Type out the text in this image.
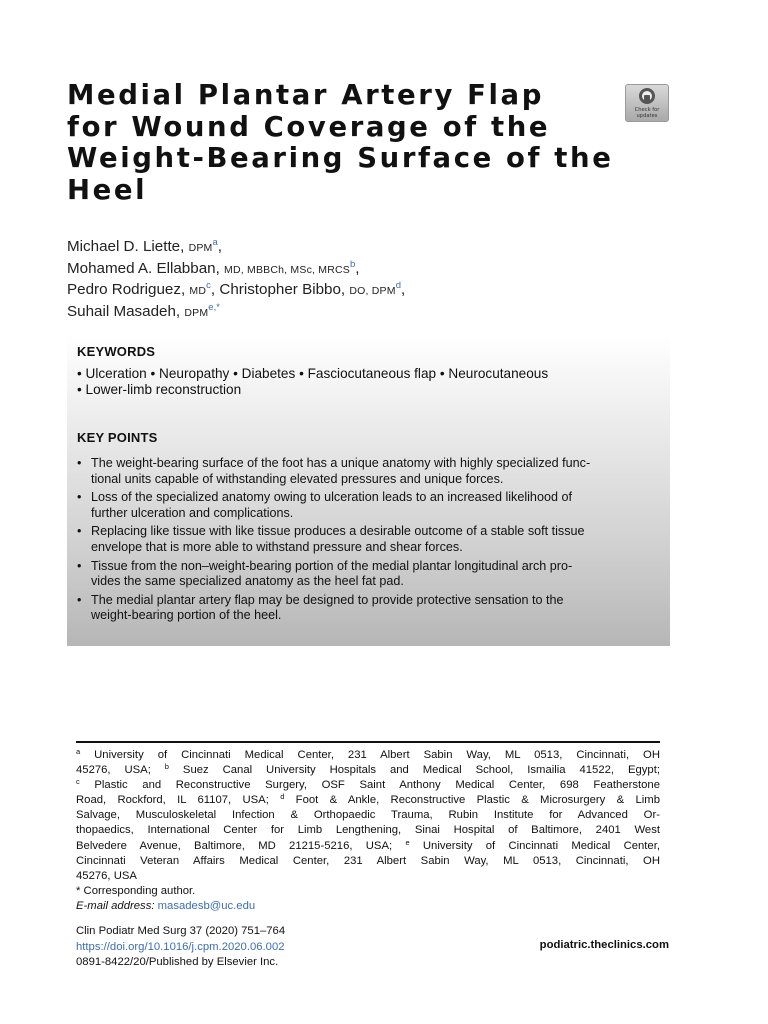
Medial Plantar Artery Flap
for Wound Coverage of the
Weight-Bearing Surface of the
Heel
Check for
updates
Michael D. Liette, DPM$^a$,
Mohamed A. Ellabban, MD, MBBCh, MSc, MRCS$^b$,
Pedro Rodriguez, $MD^c$, Christopher Bibbo, DO, DPM$^d$,
Suhail Masadeh, $DPM^{e,*}$
KEYWORDS
• Ulceration • Neuropathy • Diabetes • Fasciocutaneous flap • Neurocutaneous
• Lower-limb reconstruction
KEY POINTS
• The weight-bearing surface of the foot has a unique anatomy with highly specialized func-
tional units capable of withstanding elevated pressures and unique forces.
• Loss of the specialized anatomy owing to ulceration leads to an increased likelihood of
further ulceration and complications.
• Replacing like tissue with like tissue produces a desirable outcome of a stable soft tissue
envelope that is more able to withstand pressure and shear forces.
• Tissue from the non–weight-bearing portion of the medial plantar longitudinal arch pro-
vides the same specialized anatomy as the heel fat pad.
• The medial plantar artery flap may be designed to provide protective sensation to the
weight-bearing portion of the heel.
$^a$ University of Cincinnati Medical Center, 231 Albert Sabin Way, ML 0513, Cincinnati, OH
45276, USA; $^b$ Suez Canal University Hospitals and Medical School, Ismailia 41522, Egypt;
$^c$ Plastic and Reconstructive Surgery, OSF Saint Anthony Medical Center, 698 Featherstone
Road, Rockford, IL 61107, USA; $^d$ Foot & Ankle, Reconstructive Plastic & Microsurgery & Limb
Salvage, Musculoskeletal Infection & Orthopaedic Trauma, Rubin Institute for Advanced Or-
thopaedics, International Center for Limb Lengthening, Sinai Hospital of Baltimore, 2401 West
Belvedere Avenue, Baltimore, MD 21215-5216, USA; $^e$ University of Cincinnati Medical Center,
Cincinnati Veteran Affairs Medical Center, 231 Albert Sabin Way, ML 0513, Cincinnati, OH
45276, USA
* Corresponding author.
E-mail address: masadesb@uc.edu
Clin Podiatr Med Surg 37 (2020) 751–764
https://doi.org/10.1016/j.cpm.2020.06.002
0891-8422/20/Published by Elsevier Inc.
podiatric.theclinics.com
